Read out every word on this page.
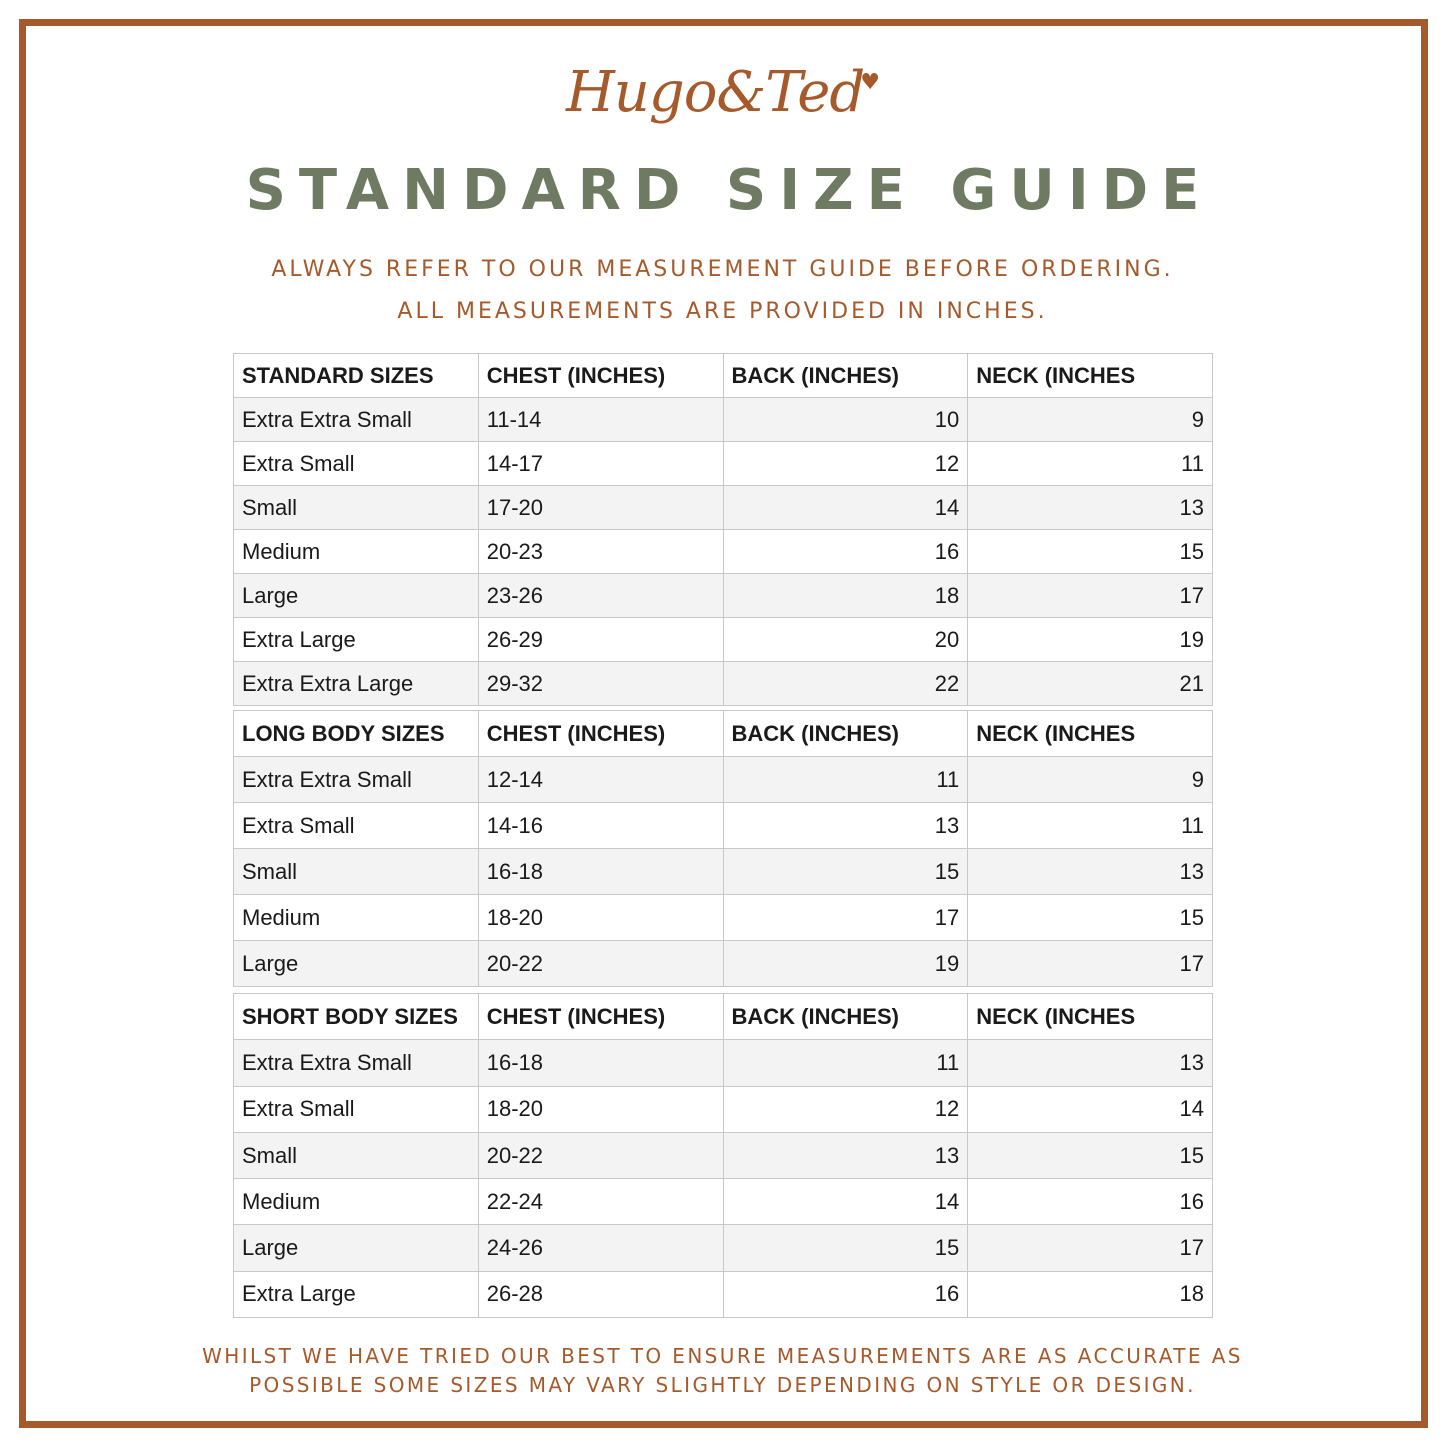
Hugo&Ted♥
STANDARD SIZE GUIDE
ALWAYS REFER TO OUR MEASUREMENT GUIDE BEFORE ORDERING.
ALL MEASUREMENTS ARE PROVIDED IN INCHES.
STANDARD SIZES	CHEST (INCHES)	BACK (INCHES)	NECK (INCHES
Extra Extra Small	11-14	10	9
Extra Small	14-17	12	11
Small	17-20	14	13
Medium	20-23	16	15
Large	23-26	18	17
Extra Large	26-29	20	19
Extra Extra Large	29-32	22	21
LONG BODY SIZES	CHEST (INCHES)	BACK (INCHES)	NECK (INCHES
Extra Extra Small	12-14	11	9
Extra Small	14-16	13	11
Small	16-18	15	13
Medium	18-20	17	15
Large	20-22	19	17
SHORT BODY SIZES	CHEST (INCHES)	BACK (INCHES)	NECK (INCHES
Extra Extra Small	16-18	11	13
Extra Small	18-20	12	14
Small	20-22	13	15
Medium	22-24	14	16
Large	24-26	15	17
Extra Large	26-28	16	18
WHILST WE HAVE TRIED OUR BEST TO ENSURE MEASUREMENTS ARE AS ACCURATE AS
POSSIBLE SOME SIZES MAY VARY SLIGHTLY DEPENDING ON STYLE OR DESIGN.
